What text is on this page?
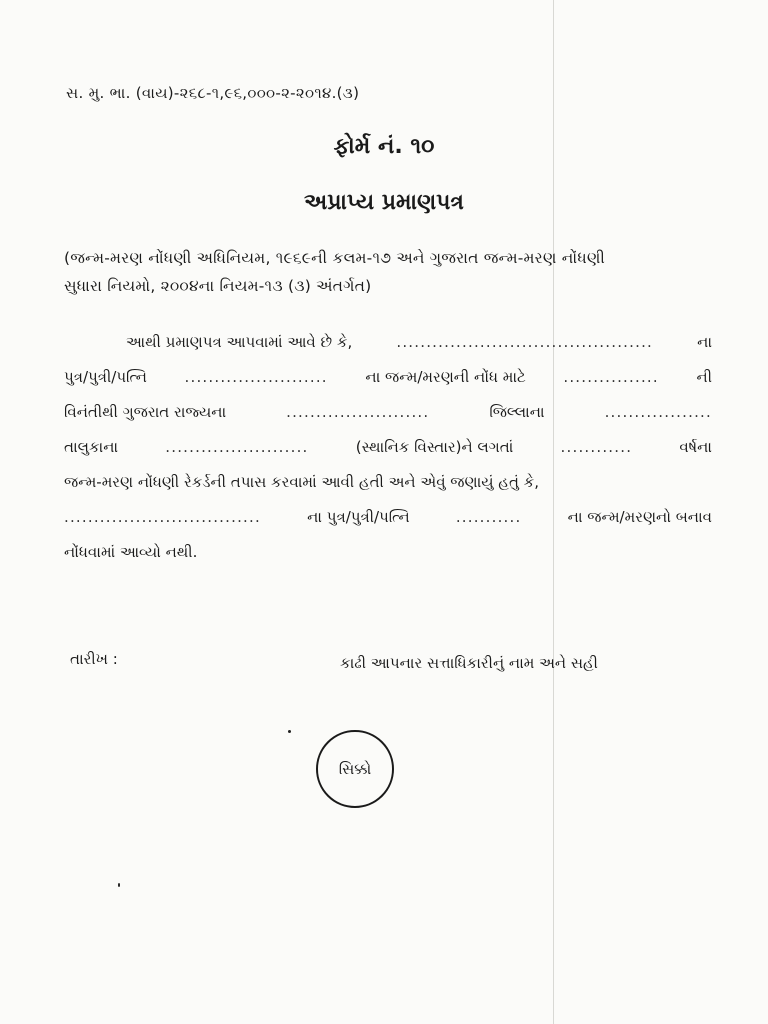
સ. મુ. ભા. (વાય)-૨૬૮-૧,૯૬,૦૦૦-૨-૨૦૧૪.(૩)
ફોર્મ નં. ૧૦
અપ્રાપ્ય પ્રમાણપત્ર
(જન્મ-મરણ નોંધણી અધિનિયમ, ૧૯૬૯ની કલમ-૧૭ અને ગુજરાત જન્મ-મરણ નોંધણી
સુધારા નિયમો, ૨૦૦૪ના નિયમ-૧૩ (૩) અંતર્ગત)
આથી પ્રમાણપત્ર આપવામાં આવે છે કે,	...........................................	ના
પુત્ર/પુત્રી/પત્નિ	........................	ના જન્મ/મરણની નોંધ માટે	................	ની
વિનંતીથી ગુજરાત રાજ્યના	........................	જિલ્લાના	..................
તાલુકાના	........................	(સ્થાનિક વિસ્તાર)ને લગતાં	............	વર્ષના
જન્મ-મરણ નોંધણી રેકર્ડની તપાસ કરવામાં આવી હતી અને એવું જણાયું હતું કે,
.................................	ના પુત્ર/પુત્રી/પત્નિ	...........	ના જન્મ/મરણનો બનાવ
નોંધવામાં આવ્યો નથી.
તારીખ :	કાઢી આપનાર સત્તાધિકારીનું નામ અને સહી
સિક્કો
